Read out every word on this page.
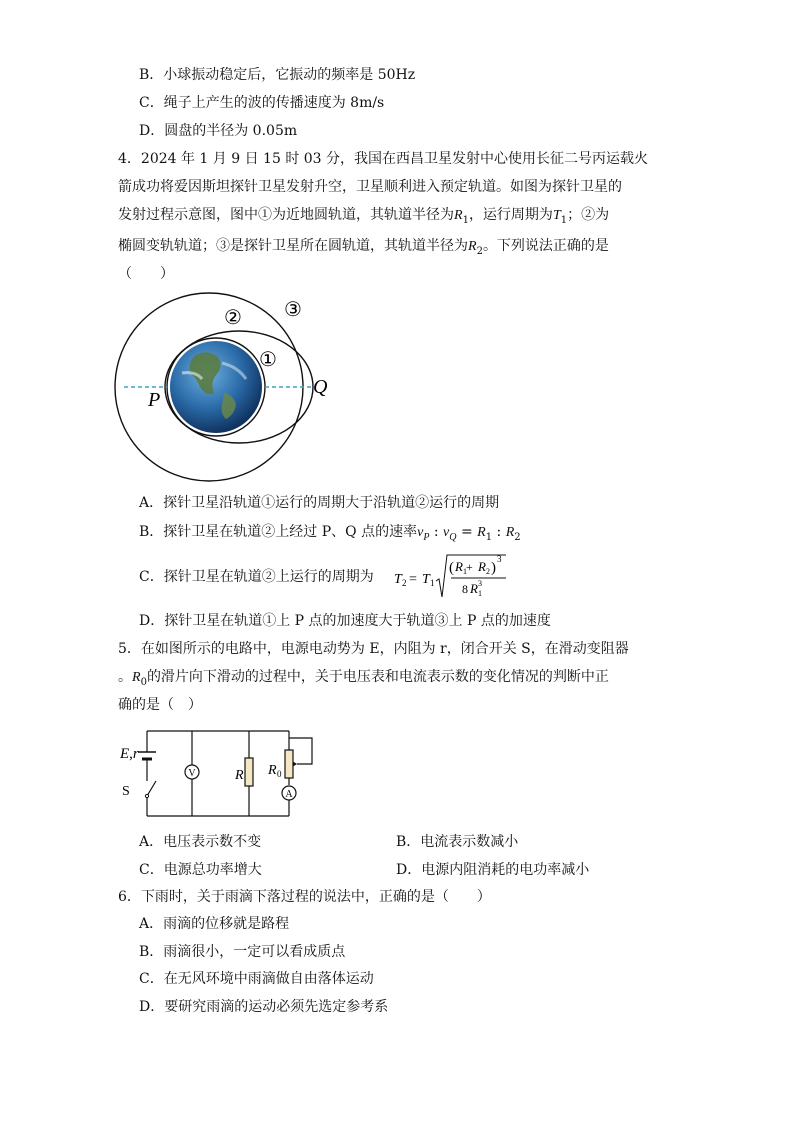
B．小球振动稳定后，它振动的频率是 50Hz
C．绳子上产生的波的传播速度为 8m/s
D．圆盘的半径为 0.05m
4．2024 年 1 月 9 日 15 时 03 分，我国在西昌卫星发射中心使用长征二号丙运载火
箭成功将爱因斯坦探针卫星发射升空，卫星顺利进入预定轨道。如图为探针卫星的
发射过程示意图，图中①为近地圆轨道，其轨道半径为$R_1$，运行周期为$T_1$；②为
椭圆变轨轨道；③是探针卫星所在圆轨道，其轨道半径为$R_2$。下列说法正确的是
（　　）
② ③
①
P
Q
A．探针卫星沿轨道①运行的周期大于沿轨道②运行的周期
B．探针卫星在轨道②上经过 P、Q 点的速率$v_P$ : $v_Q = R_1$ : $R_2$
C．探针卫星在轨道②上运行的周期为 T 2 = T 1
( R 1 + R 2 )
3
8 R 1
3
D．探针卫星在轨道①上 P 点的加速度大于轨道③上 P 点的加速度
5．在如图所示的电路中，电源电动势为 E，内阻为 r，闭合开关 S，在滑动变阻器
。$R_0$的滑片向下滑动的过程中，关于电压表和电流表示数的变化情况的判断中正
确的是（　）
V	R R 0
A
E,r
S
A．电压表示数不变	B．电流表示数减小
C．电源总功率增大	D．电源内阻消耗的电功率减小
6．下雨时，关于雨滴下落过程的说法中，正确的是（　　）
A．雨滴的位移就是路程
B．雨滴很小，一定可以看成质点
C．在无风环境中雨滴做自由落体运动
D．要研究雨滴的运动必须先选定参考系
